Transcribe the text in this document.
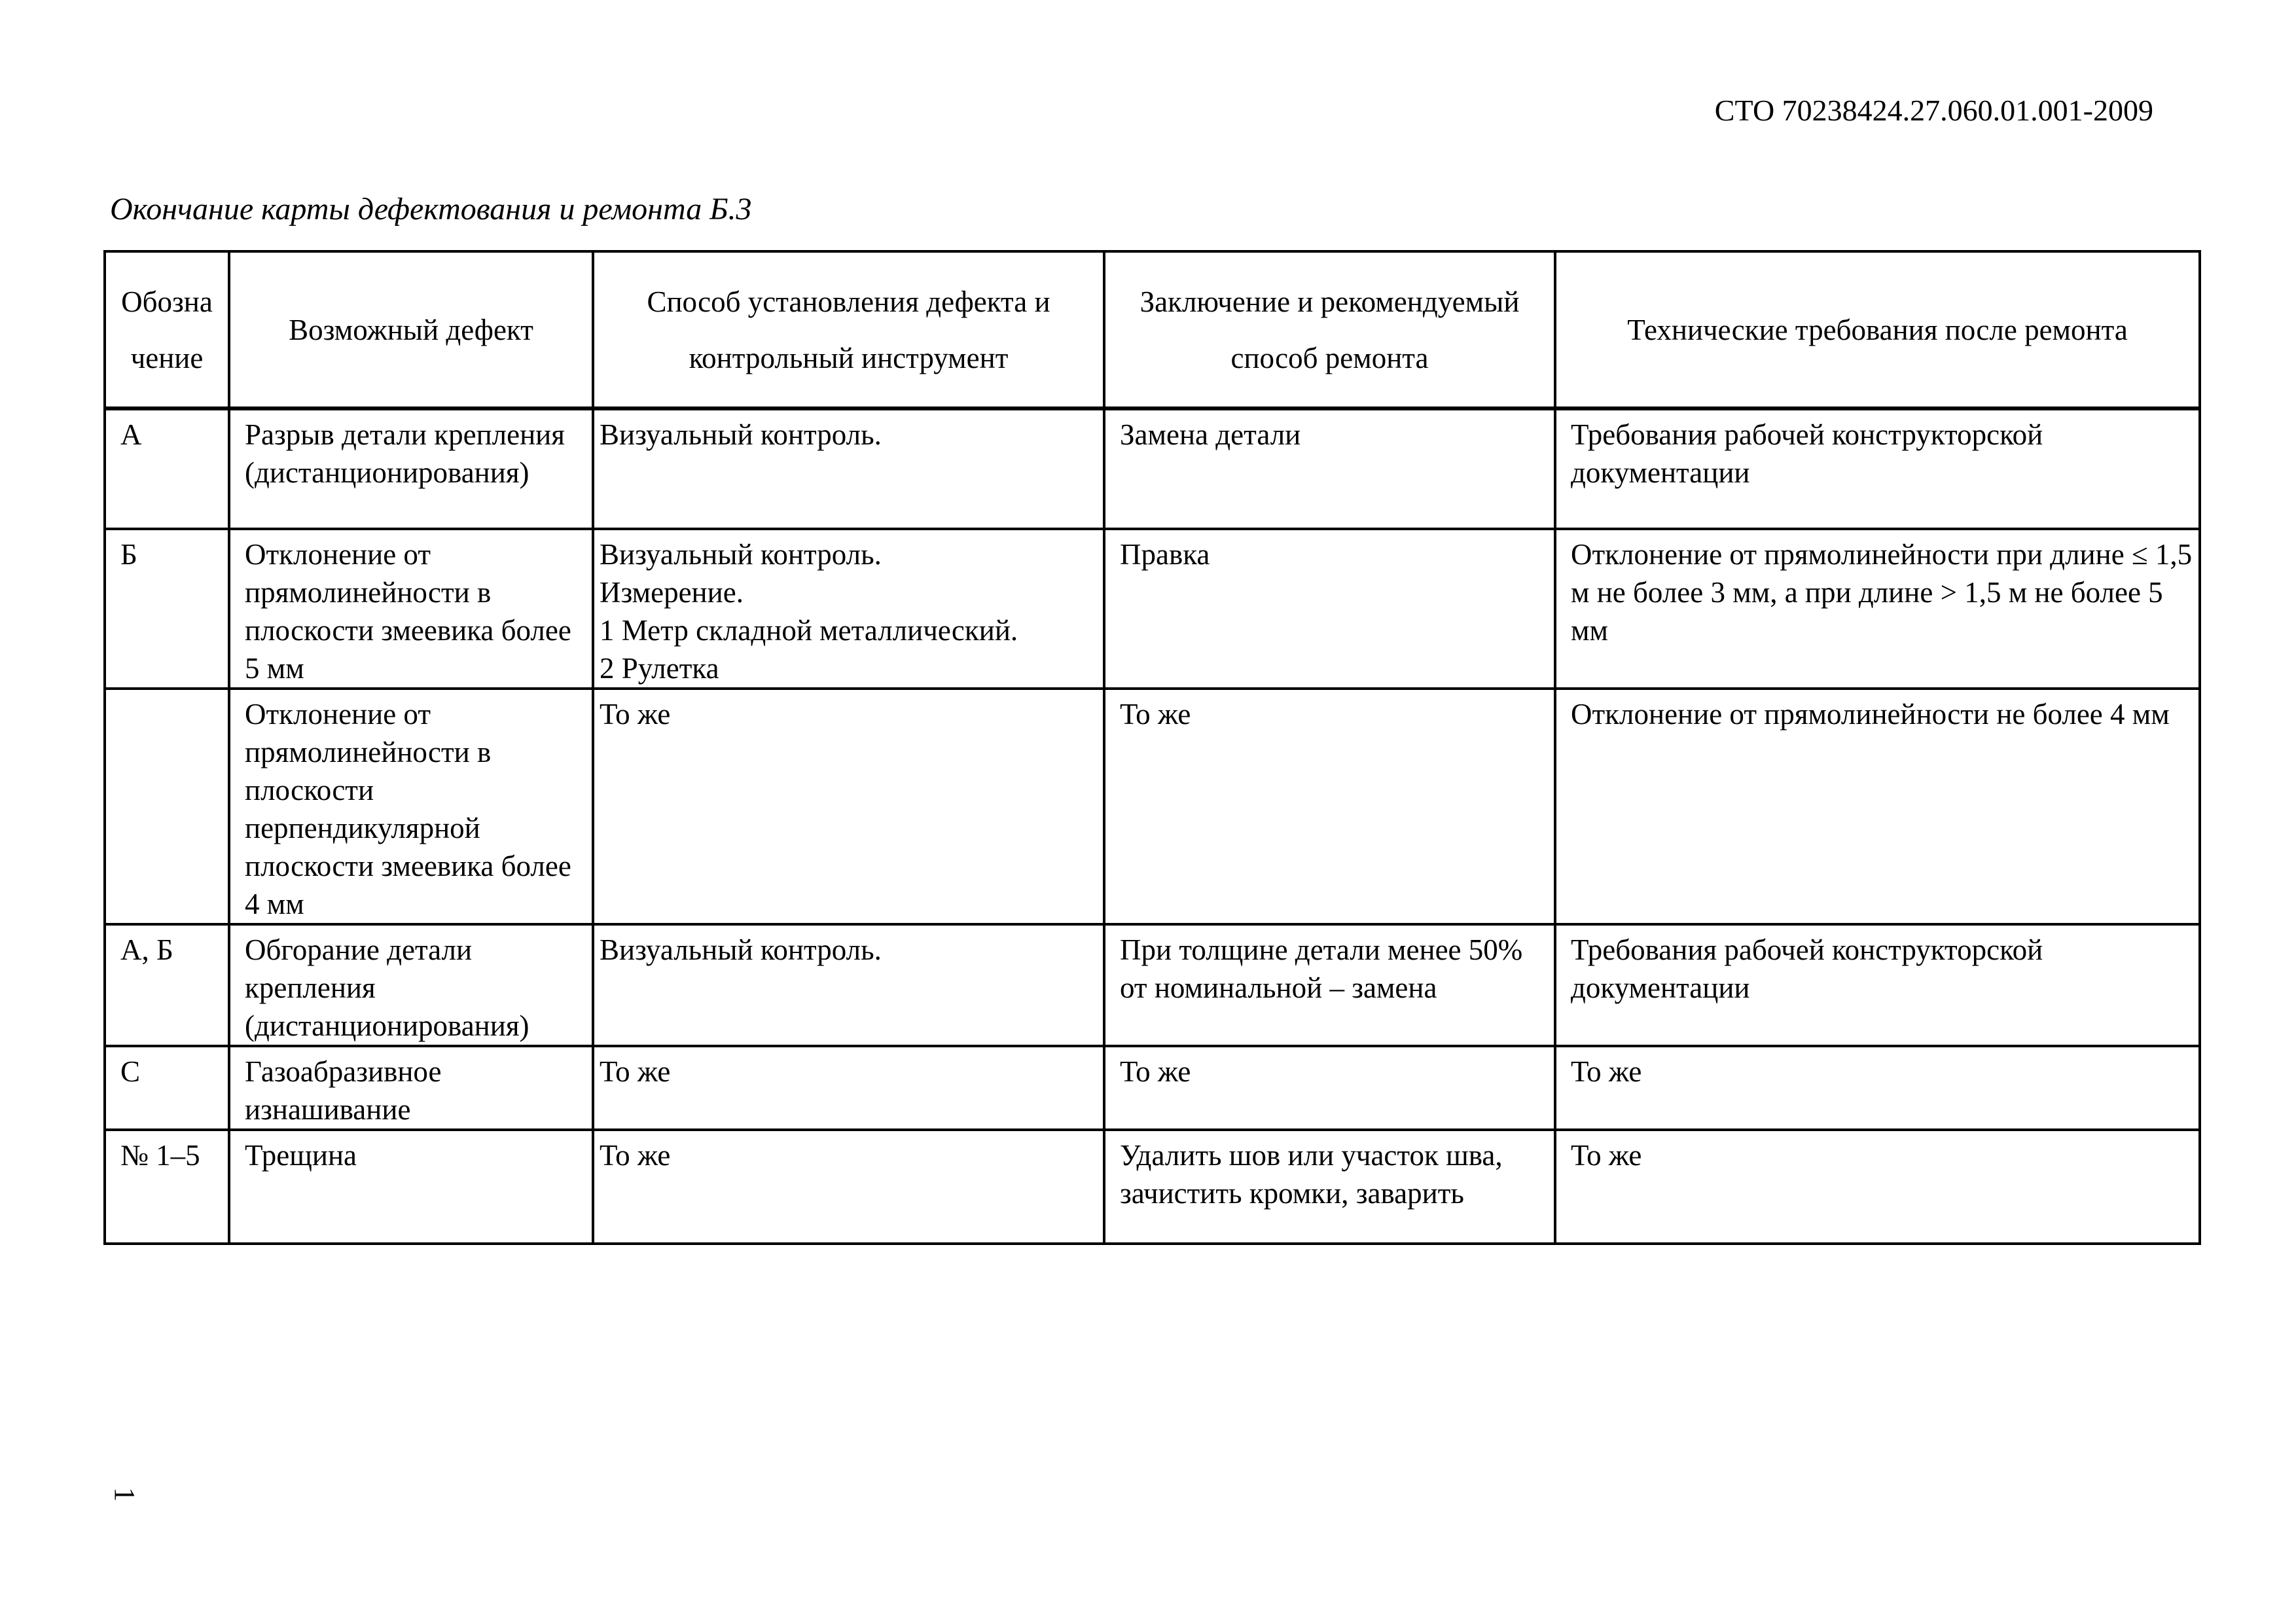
СТО 70238424.27.060.01.001-2009
Окончание карты дефектования и ремонта Б.3
Обозна
чение	Возможный дефект	Способ установления дефекта и контрольный инструмент	Заключение и рекомендуемый способ ремонта	Технические требования после ремонта
А	Разрыв детали крепления (дистанционирования)	Визуальный контроль.	Замена детали	Требования рабочей конструкторской документации
Б	Отклонение от прямолинейности в плоскости змеевика более 5 мм	Визуальный контроль.
Измерение.
1 Метр складной металлический.
2 Рулетка	Правка	Отклонение от прямолинейности при длине ≤ 1,5 м не более 3 мм, а при длине > 1,5 м не более 5 мм
	Отклонение от прямолинейности в плоскости перпендикулярной плоскости змеевика более 4 мм	То же	То же	Отклонение от прямолинейности не более 4 мм
А, Б	Обгорание детали крепления (дистанционирования)	Визуальный контроль.	При толщине детали менее 50% от номинальной – замена	Требования рабочей конструкторской документации
С	Газоабразивное изнашивание	То же	То же	То же
№ 1–5	Трещина	То же	Удалить шов или участок шва, зачистить кромки, заварить	То же
1
